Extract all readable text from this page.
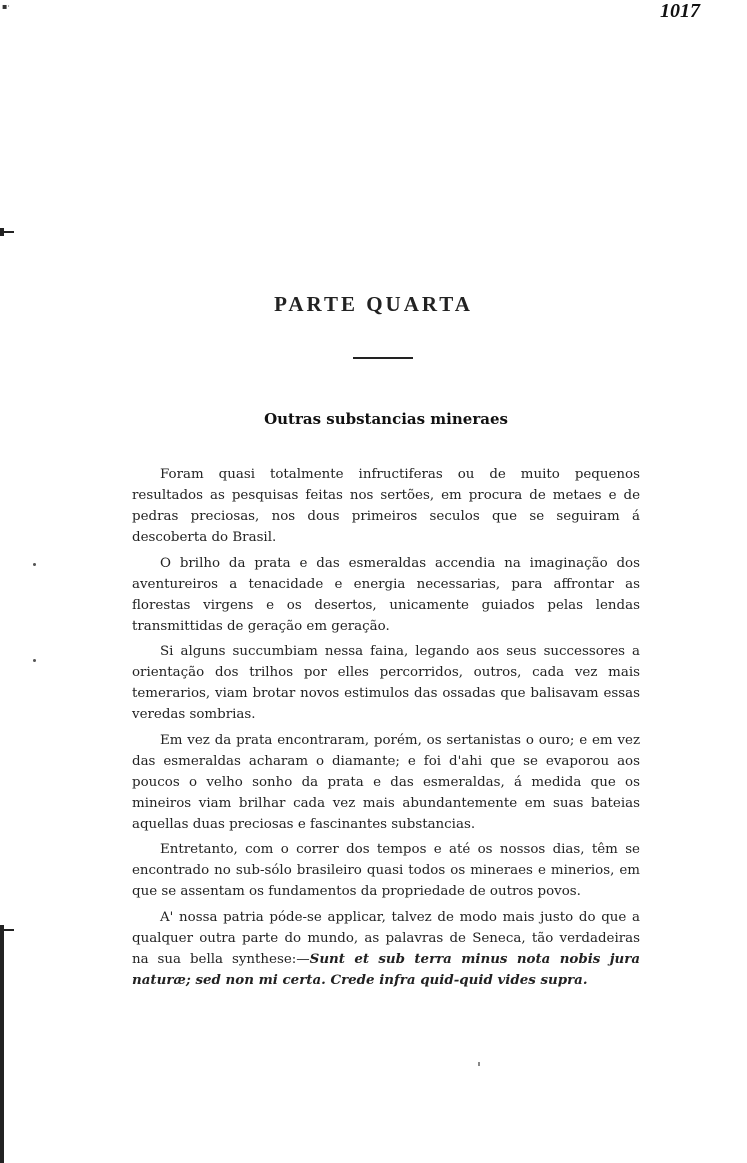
▪·	1017
PARTE QUARTA
Outras substancias mineraes

Foram quasi totalmente infructiferas ou de muito pequenos resultados as pesquisas feitas nos sertões, em procura de metaes e de pedras preciosas, nos dous primeiros seculos que se seguiram á descoberta do Brasil.

O brilho da prata e das esmeraldas accendia na imaginação dos aventureiros a tenacidade e energia necessarias, para affrontar as florestas virgens e os desertos, unicamente guiados pelas lendas transmittidas de geração em geração.

Si alguns succumbiam nessa faina, legando aos seus successores a orientação dos trilhos por elles percorridos, outros, cada vez mais temerarios, viam brotar novos estimulos das ossadas que balisavam essas veredas sombrias.

Em vez da prata encontraram, porém, os sertanistas o ouro; e em vez das esmeraldas acharam o diamante; e foi d'ahi que se evaporou aos poucos o velho sonho da prata e das esmeraldas, á medida que os mineiros viam brilhar cada vez mais abundantemente em suas bateias aquellas duas preciosas e fascinantes substancias.

Entretanto, com o correr dos tempos e até os nossos dias, têm se encontrado no sub-sólo brasileiro quasi todos os mineraes e minerios, em que se assentam os fundamentos da propriedade de outros povos.

A' nossa patria póde-se applicar, talvez de modo mais justo do que a qualquer outra parte do mundo, as palavras de Seneca, tão verdadeiras na sua bella synthese:—Sunt et sub terra minus nota nobis jura naturæ; sed non mi certa. Crede infra quid-quid vides supra.
